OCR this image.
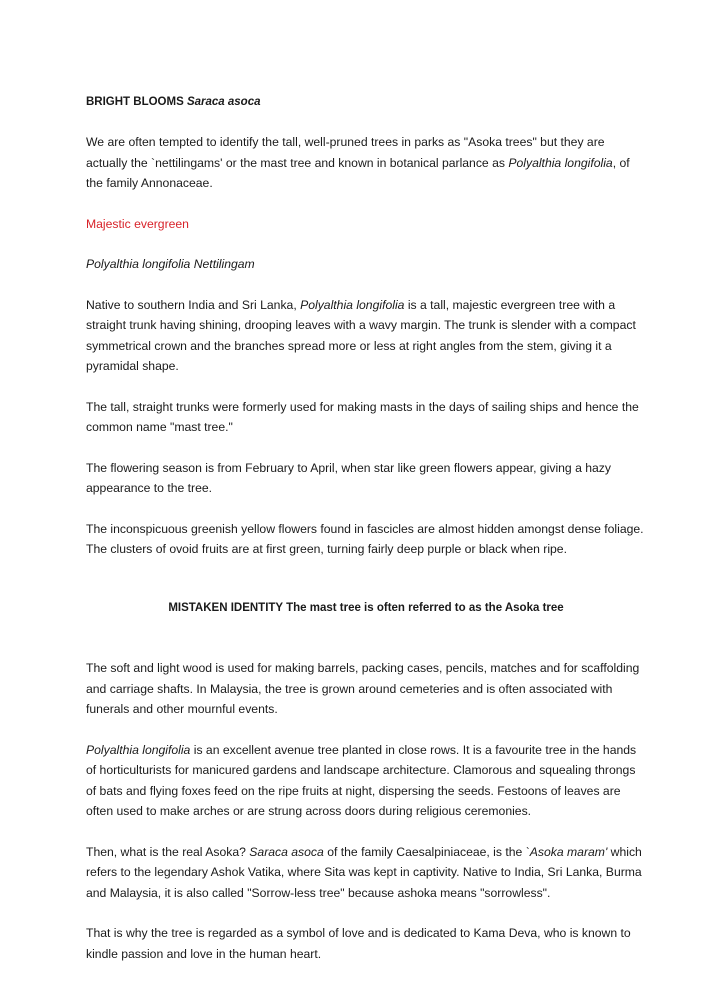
BRIGHT BLOOMS Saraca asoca

We are often tempted to identify the tall, well-pruned trees in parks as "Asoka trees" but they are actually the `nettilingams' or the mast tree and known in botanical parlance as Polyalthia longifolia, of the family Annonaceae.

Majestic evergreen

Polyalthia longifolia Nettilingam

Native to southern India and Sri Lanka, Polyalthia longifolia is a tall, majestic evergreen tree with a straight trunk having shining, drooping leaves with a wavy margin. The trunk is slender with a compact symmetrical crown and the branches spread more or less at right angles from the stem, giving it a pyramidal shape.

The tall, straight trunks were formerly used for making masts in the days of sailing ships and hence the common name "mast tree."

The flowering season is from February to April, when star like green flowers appear, giving a hazy appearance to the tree.

The inconspicuous greenish yellow flowers found in fascicles are almost hidden amongst dense foliage. The clusters of ovoid fruits are at first green, turning fairly deep purple or black when ripe.

MISTAKEN IDENTITY The mast tree is often referred to as the Asoka tree

The soft and light wood is used for making barrels, packing cases, pencils, matches and for scaffolding and carriage shafts. In Malaysia, the tree is grown around cemeteries and is often associated with funerals and other mournful events.

Polyalthia longifolia is an excellent avenue tree planted in close rows. It is a favourite tree in the hands of horticulturists for manicured gardens and landscape architecture. Clamorous and squealing throngs of bats and flying foxes feed on the ripe fruits at night, dispersing the seeds. Festoons of leaves are often used to make arches or are strung across doors during religious ceremonies.

Then, what is the real Asoka? Saraca asoca of the family Caesalpiniaceae, is the `Asoka maram' which refers to the legendary Ashok Vatika, where Sita was kept in captivity. Native to India, Sri Lanka, Burma and Malaysia, it is also called "Sorrow-less tree" because ashoka means "sorrowless".

That is why the tree is regarded as a symbol of love and is dedicated to Kama Deva, who is known to kindle passion and love in the human heart.
